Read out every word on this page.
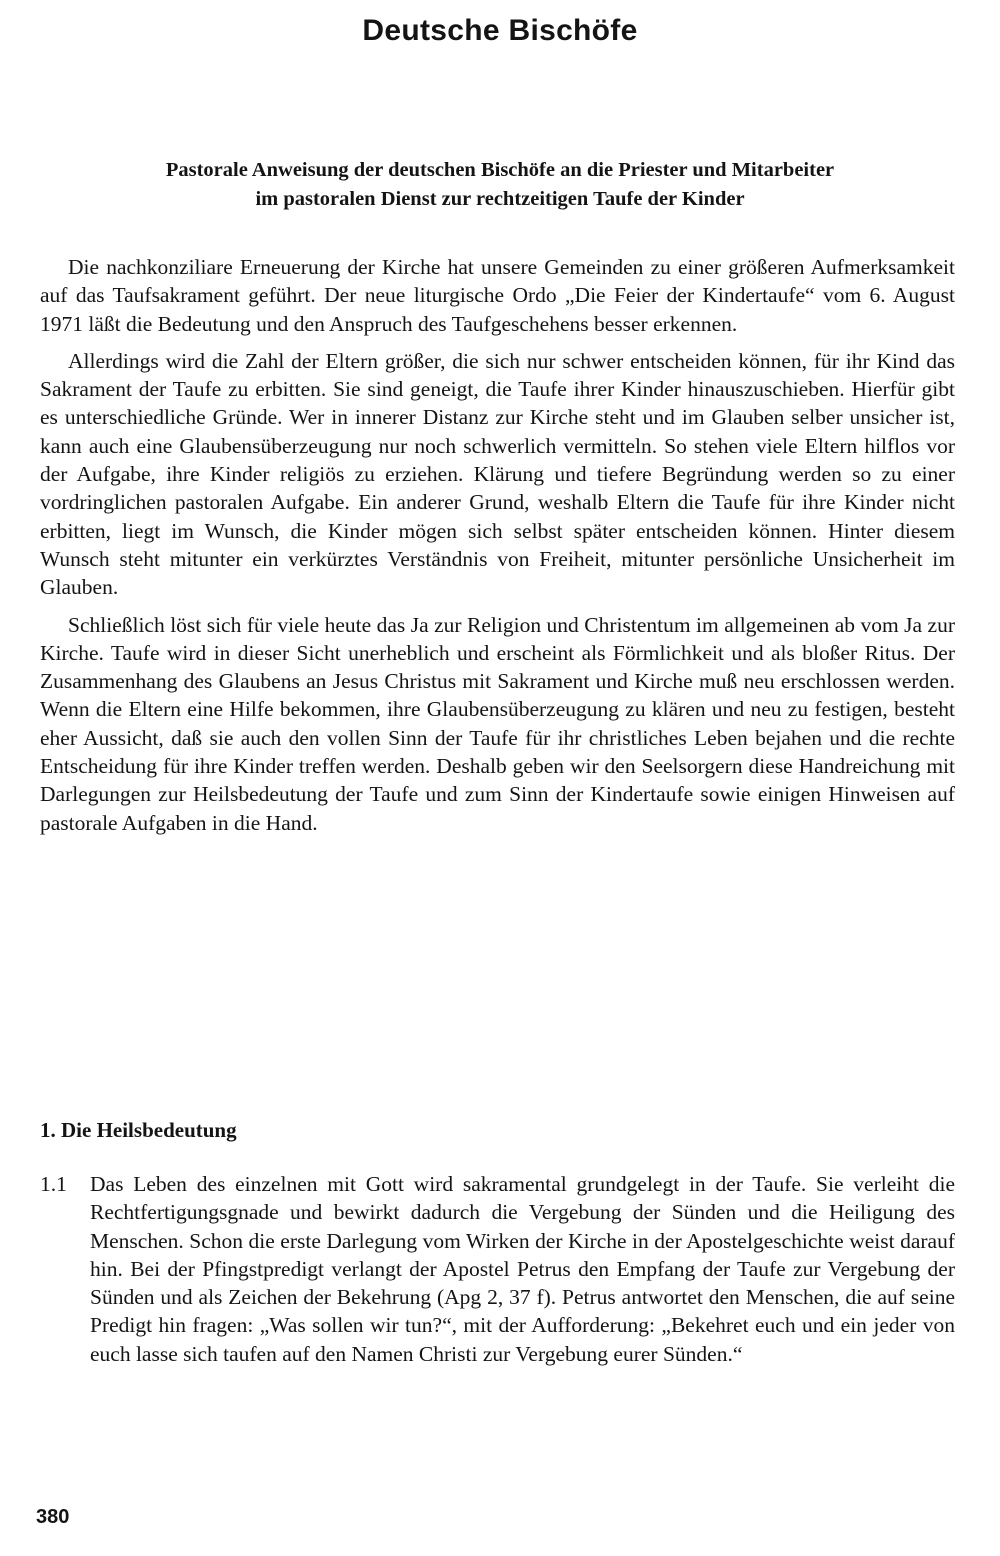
Deutsche Bischöfe
Pastorale Anweisung der deutschen Bischöfe an die Priester und Mitarbeiter
im pastoralen Dienst zur rechtzeitigen Taufe der Kinder

Die nachkonziliare Erneuerung der Kirche hat unsere Gemeinden zu einer größeren Aufmerksamkeit auf das Taufsakrament geführt. Der neue liturgische Ordo „Die Feier der Kindertaufe“ vom 6. August 1971 läßt die Bedeutung und den Anspruch des Taufgeschehens besser erkennen.

Allerdings wird die Zahl der Eltern größer, die sich nur schwer entscheiden können, für ihr Kind das Sakrament der Taufe zu erbitten. Sie sind geneigt, die Taufe ihrer Kinder hinauszuschieben. Hierfür gibt es unterschiedliche Gründe. Wer in innerer Distanz zur Kirche steht und im Glauben selber unsicher ist, kann auch eine Glaubensüberzeugung nur noch schwerlich vermitteln. So stehen viele Eltern hilflos vor der Aufgabe, ihre Kinder religiös zu erziehen. Klärung und tiefere Begründung werden so zu einer vordringlichen pastoralen Aufgabe. Ein anderer Grund, weshalb Eltern die Taufe für ihre Kinder nicht erbitten, liegt im Wunsch, die Kinder mögen sich selbst später entscheiden können. Hinter diesem Wunsch steht mitunter ein verkürztes Verständnis von Freiheit, mitunter persönliche Unsicherheit im Glauben.

Schließlich löst sich für viele heute das Ja zur Religion und Christentum im allgemeinen ab vom Ja zur Kirche. Taufe wird in dieser Sicht unerheblich und erscheint als Förmlichkeit und als bloßer Ritus. Der Zusammenhang des Glaubens an Jesus Christus mit Sakrament und Kirche muß neu erschlossen werden. Wenn die Eltern eine Hilfe bekommen, ihre Glaubensüberzeugung zu klären und neu zu festigen, besteht eher Aussicht, daß sie auch den vollen Sinn der Taufe für ihr christliches Leben bejahen und die rechte Entscheidung für ihre Kinder treffen werden. Deshalb geben wir den Seelsorgern diese Handreichung mit Darlegungen zur Heilsbedeutung der Taufe und zum Sinn der Kindertaufe sowie einigen Hinweisen auf pastorale Aufgaben in die Hand.

1. Die Heilsbedeutung
1.1 Das Leben des einzelnen mit Gott wird sakramental grundgelegt in der Taufe. Sie verleiht die Rechtfertigungsgnade und bewirkt dadurch die Vergebung der Sünden und die Heiligung des Menschen. Schon die erste Darlegung vom Wirken der Kirche in der Apostelgeschichte weist darauf hin. Bei der Pfingstpredigt verlangt der Apostel Petrus den Empfang der Taufe zur Vergebung der Sünden und als Zeichen der Bekehrung (Apg 2, 37 f). Petrus antwortet den Menschen, die auf seine Predigt hin fragen: „Was sollen wir tun?“, mit der Aufforderung: „Bekehret euch und ein jeder von euch lasse sich taufen auf den Namen Christi zur Vergebung eurer Sünden.“
380
